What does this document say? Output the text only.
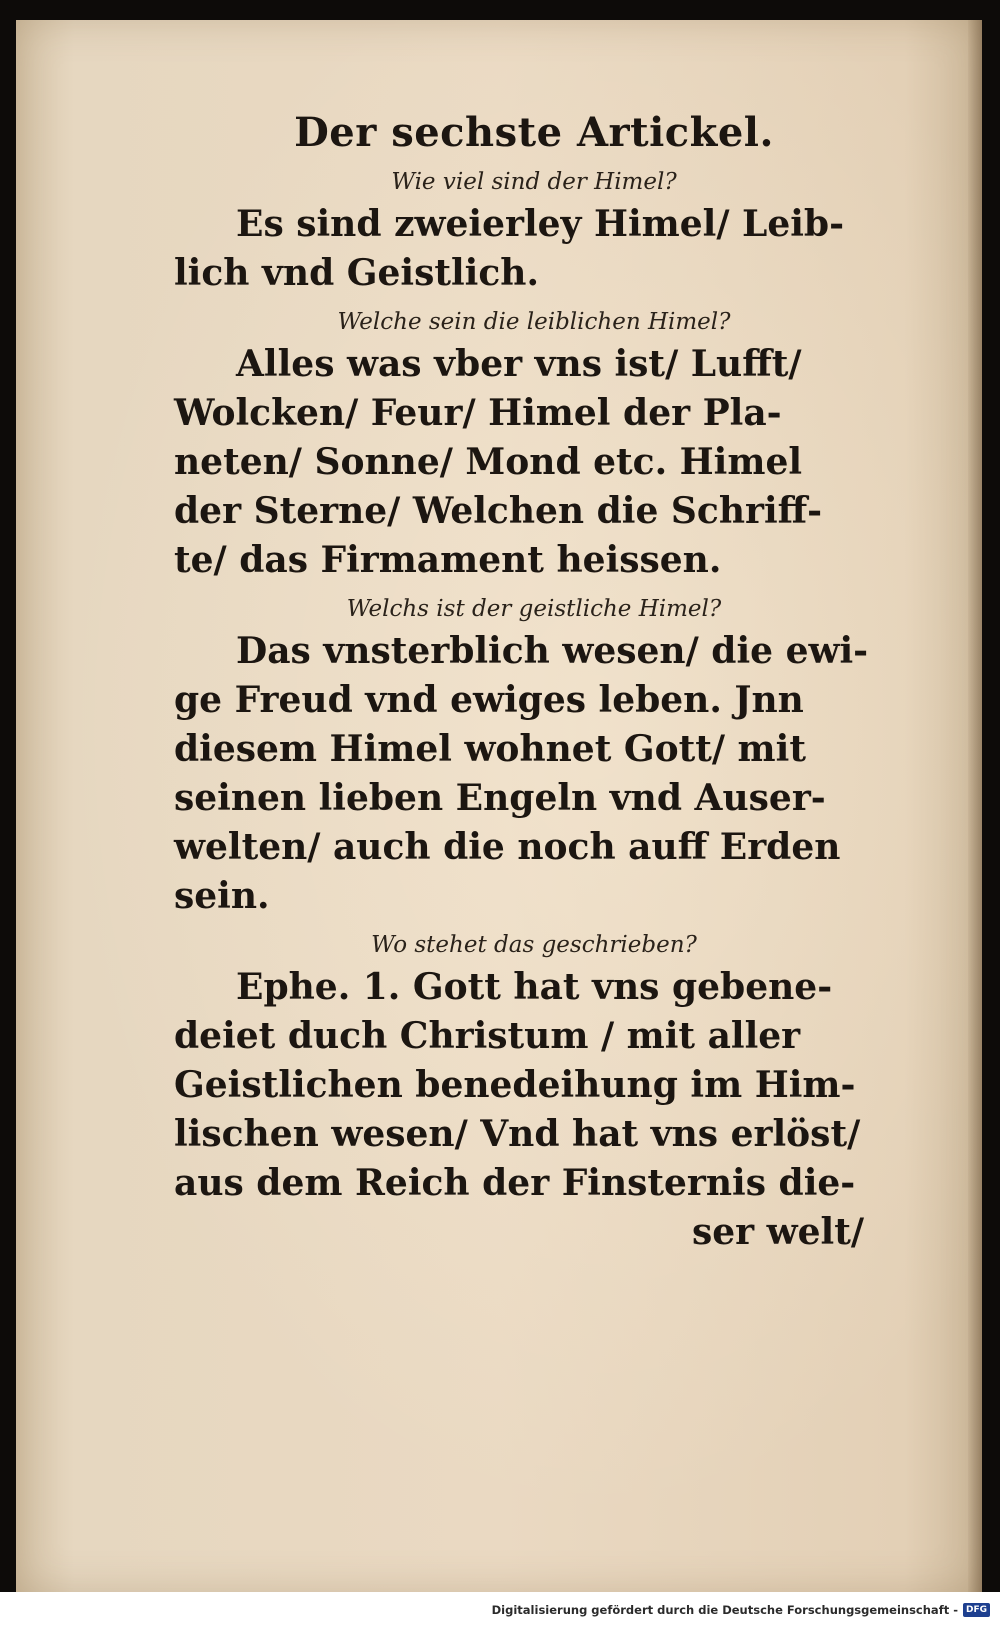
Der sechste Artickel.
Wie viel sind der Himel?

Es sind zweierley Himel/ Leib-
lich vnd Geistlich.

Welche sein die leiblichen Himel?

Alles was vber vns ist/ Lufft/
Wolcken/ Feur/ Himel der Pla-
neten/ Sonne/ Mond etc. Himel
der Sterne/ Welchen die Schriff-
te/ das Firmament heissen.

Welchs ist der geistliche Himel?

Das vnsterblich wesen/ die ewi-
ge Freud vnd ewiges leben. Jnn
diesem Himel wohnet Gott/ mit
seinen lieben Engeln vnd Auser-
welten/ auch die noch auff Erden
sein.

Wo stehet das geschrieben?

Ephe. 1. Gott hat vns gebene-
deiet duch Christum / mit aller
Geistlichen benedeihung im Him-
lischen wesen/ Vnd hat vns erlöst/
aus dem Reich der Finsternis die-
ser welt/

Digitalisierung gefördert durch die Deutsche Forschungsgemeinschaft - DFG
